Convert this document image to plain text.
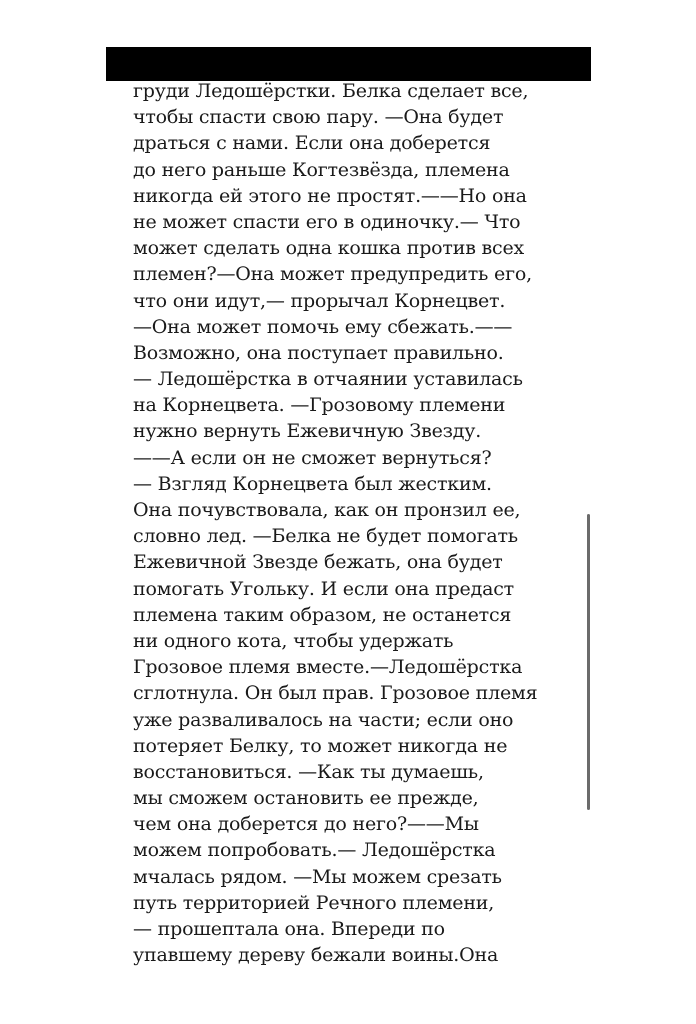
груди Ледошёрстки. Белка сделает все,
чтобы спасти свою пару. —Она будет
драться с нами. Если она доберется
до него раньше Когтезвёзда, племена
никогда ей этого не простят.——Но она
не может спасти его в одиночку.— Что
может сделать одна кошка против всех
племен?—Она может предупредить его,
что они идут,— прорычал Корнецвет.
—Она может помочь ему сбежать.——
Возможно, она поступает правильно.
— Ледошёрстка в отчаянии уставилась
на Корнецвета. —Грозовому племени
нужно вернуть Ежевичную Звезду.
——А если он не сможет вернуться?
— Взгляд Корнецвета был жестким.
Она почувствовала, как он пронзил ее,
словно лед. —Белка не будет помогать
Ежевичной Звезде бежать, она будет
помогать Угольку. И если она предаст
племена таким образом, не останется
ни одного кота, чтобы удержать
Грозовое племя вместе.—Ледошёрстка
сглотнула. Он был прав. Грозовое племя
уже разваливалось на части; если оно
потеряет Белку, то может никогда не
восстановиться. —Как ты думаешь,
мы сможем остановить ее прежде,
чем она доберется до него?——Мы
можем попробовать.— Ледошёрстка
мчалась рядом. —Мы можем срезать
путь территорией Речного племени,
— прошептала она. Впереди по
упавшему дереву бежали воины.Она
